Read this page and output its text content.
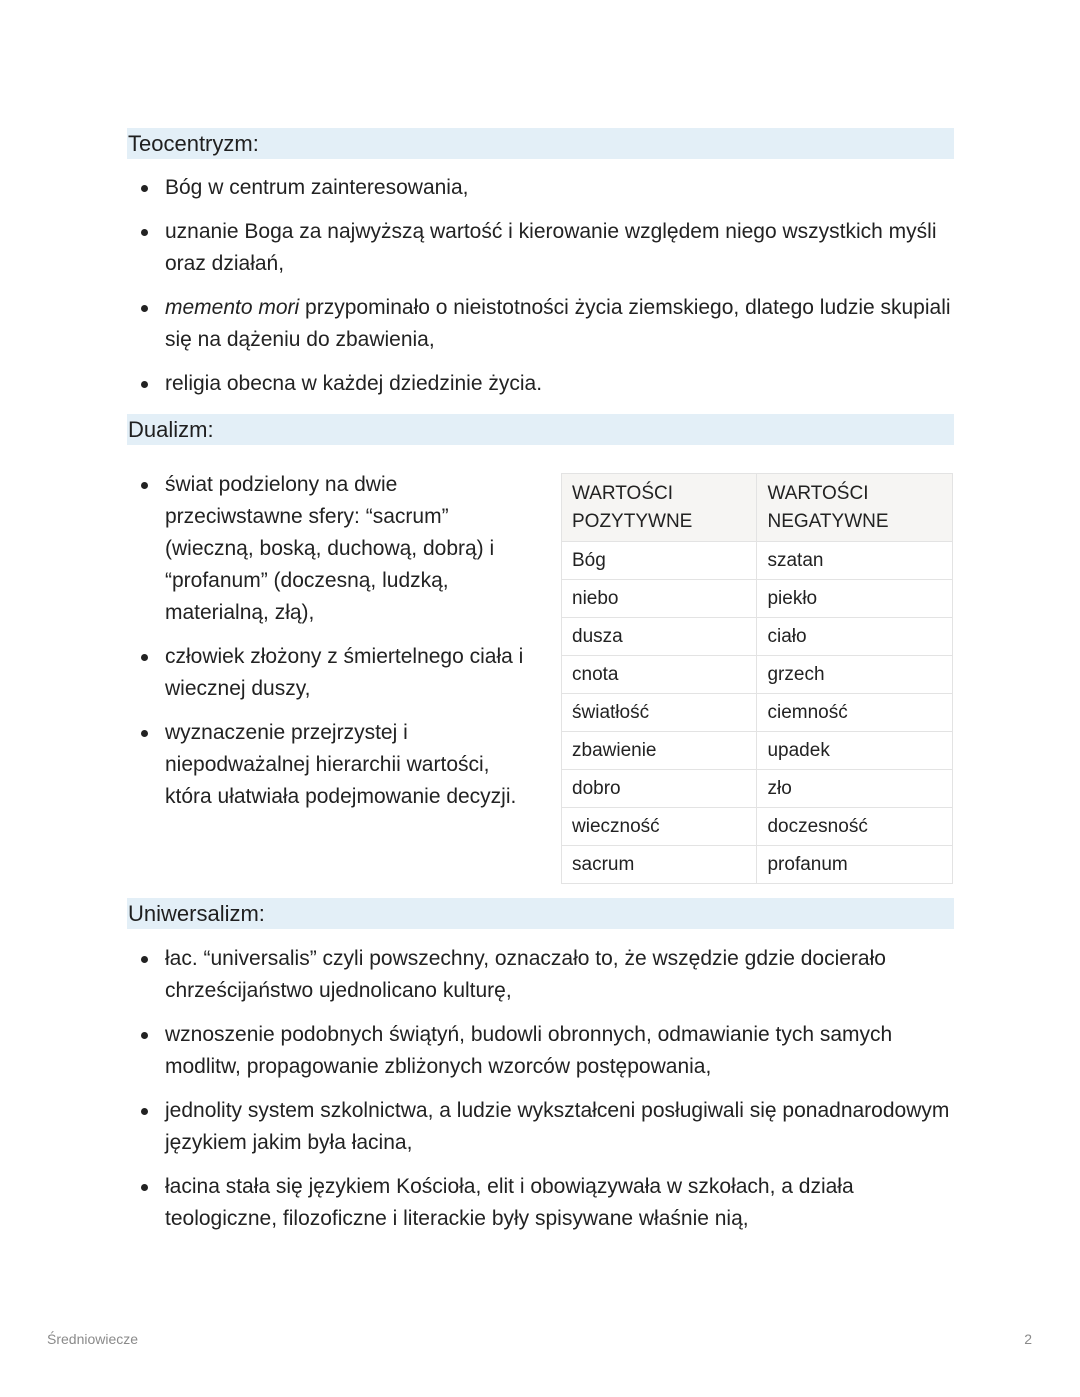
Teocentryzm:
Bóg w centrum zainteresowania,
uznanie Boga za najwyższą wartość i kierowanie względem niego wszystkich myśli oraz działań,
memento mori przypominało o nieistotności życia ziemskiego, dlatego ludzie skupiali się na dążeniu do zbawienia,
religia obecna w każdej dziedzinie życia.
Dualizm:
świat podzielony na dwie przeciwstawne sfery: “sacrum” (wieczną, boską, duchową, dobrą) i “profanum” (doczesną, ludzką, materialną, złą),
człowiek złożony z śmiertelnego ciała i wiecznej duszy,
wyznaczenie przejrzystej i niepodważalnej hierarchii wartości, która ułatwiała podejmowanie decyzji.
WARTOŚCI POZYTYWNE	WARTOŚCI NEGATYWNE
Bóg	szatan
niebo	piekło
dusza	ciało
cnota	grzech
światłość	ciemność
zbawienie	upadek
dobro	zło
wieczność	doczesność
sacrum	profanum
Uniwersalizm:
łac. “universalis” czyli powszechny, oznaczało to, że wszędzie gdzie docierało chrześcijaństwo ujednolicano kulturę,
wznoszenie podobnych świątyń, budowli obronnych, odmawianie tych samych modlitw, propagowanie zbliżonych wzorców postępowania,
jednolity system szkolnictwa, a ludzie wykształceni posługiwali się ponadnarodowym językiem jakim była łacina,
łacina stała się językiem Kościoła, elit i obowiązywała w szkołach, a działa teologiczne, filozoficzne i literackie były spisywane właśnie nią,
Średniowiecze	2
